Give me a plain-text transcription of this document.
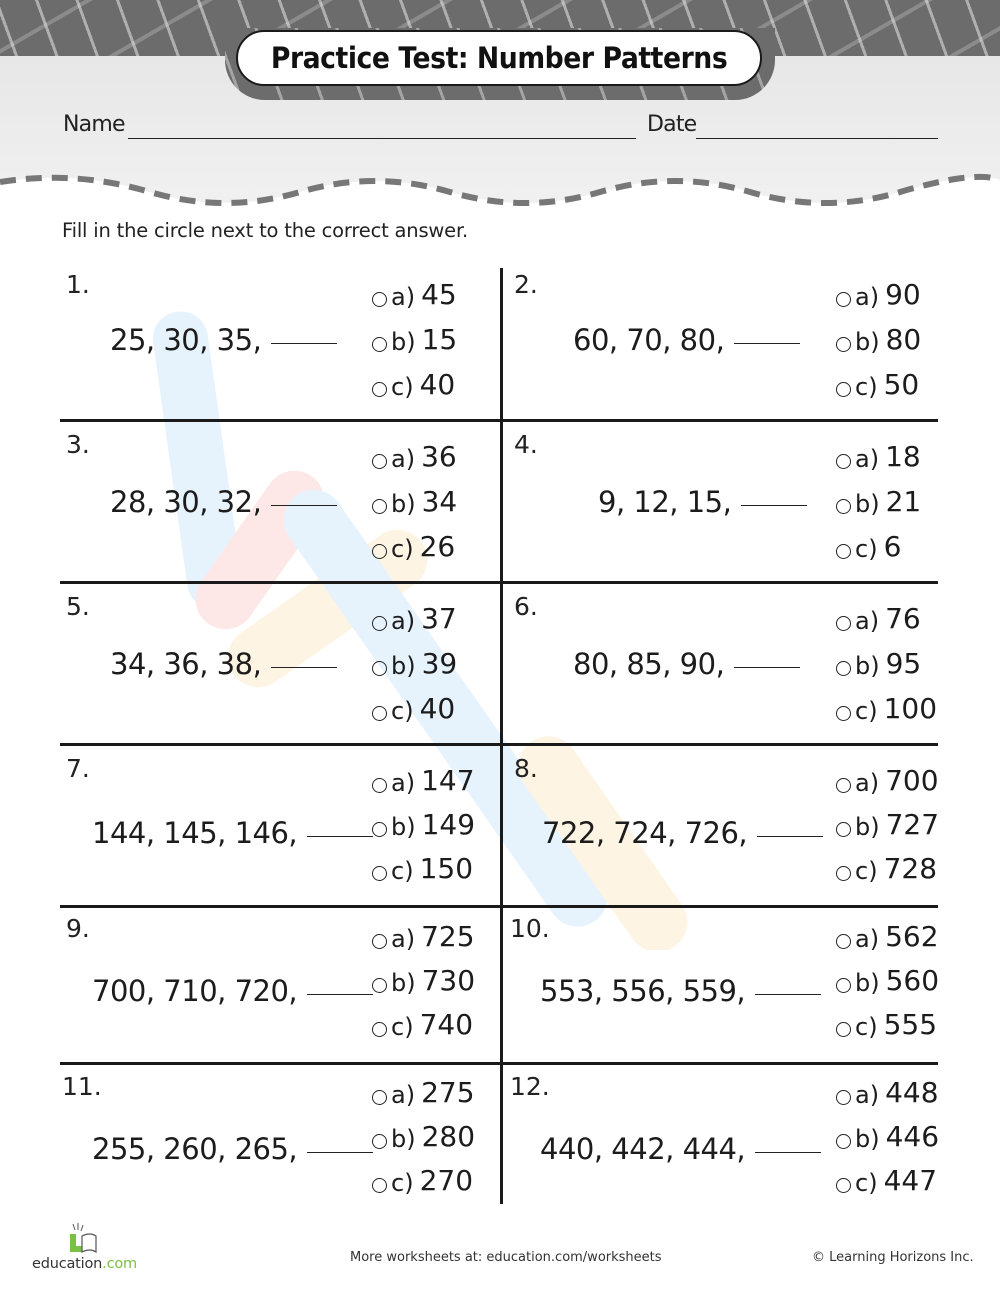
Practice Test: Number Patterns
Name	Date
Fill in the circle next to the correct answer.
1.
25, 30, 35,
a) 45
b) 15
c) 40
2.
60, 70, 80,
a) 90
b) 80
c) 50
3.
28, 30, 32,
a) 36
b) 34
c) 26
4.
9, 12, 15,
a) 18
b) 21
c) 6
5.
34, 36, 38,
a) 37
b) 39
c) 40
6.
80, 85, 90,
a) 76
b) 95
c) 100
7.
144, 145, 146,
a) 147
b) 149
c) 150
8.
722, 724, 726,
a) 700
b) 727
c) 728
9.
700, 710, 720,
a) 725
b) 730
c) 740
10.
553, 556, 559,
a) 562
b) 560
c) 555
11.
255, 260, 265,
a) 275
b) 280
c) 270
12.
440, 442, 444,
a) 448
b) 446
c) 447
education.com	More worksheets at: education.com/worksheets	© Learning Horizons Inc.
